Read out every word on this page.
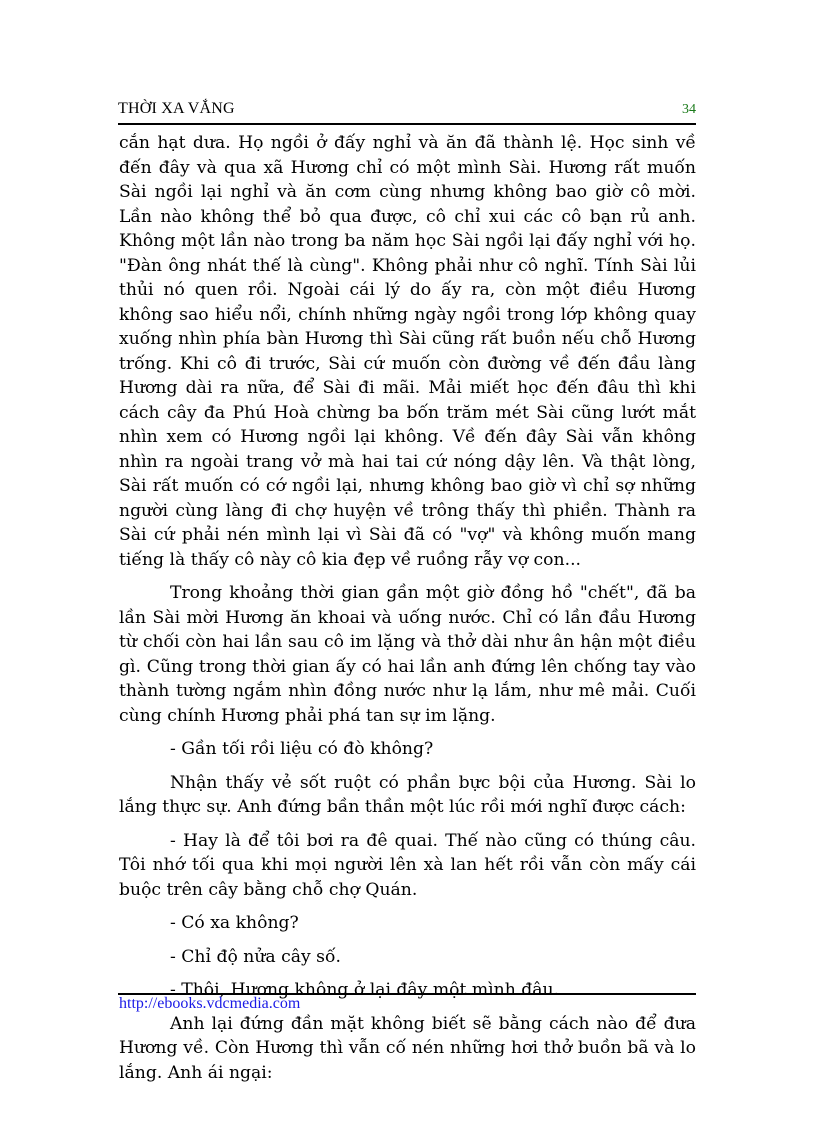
THỜI XA VẮNG	34

cắn hạt dưa. Họ ngồi ở đấy nghỉ và ăn đã thành lệ. Học sinh về đến đây và qua xã Hương chỉ có một mình Sài. Hương rất muốn Sài ngồi lại nghỉ và ăn cơm cùng nhưng không bao giờ cô mời. Lần nào không thể bỏ qua được, cô chỉ xui các cô bạn rủ anh. Không một lần nào trong ba năm học Sài ngồi lại đấy nghỉ với họ. "Đàn ông nhát thế là cùng". Không phải như cô nghĩ. Tính Sài lủi thủi nó quen rồi. Ngoài cái lý do ấy ra, còn một điều Hương không sao hiểu nổi, chính những ngày ngồi trong lớp không quay xuống nhìn phía bàn Hương thì Sài cũng rất buồn nếu chỗ Hương trống. Khi cô đi trước, Sài cứ muốn còn đường về đến đầu làng Hương dài ra nữa, để Sài đi mãi. Mải miết học đến đâu thì khi cách cây đa Phú Hoà chừng ba bốn trăm mét Sài cũng lướt mắt nhìn xem có Hương ngồi lại không. Về đến đây Sài vẫn không nhìn ra ngoài trang vở mà hai tai cứ nóng dậy lên. Và thật lòng, Sài rất muốn có cớ ngồi lại, nhưng không bao giờ vì chỉ sợ những người cùng làng đi chợ huyện về trông thấy thì phiền. Thành ra Sài cứ phải nén mình lại vì Sài đã có "vợ" và không muốn mang tiếng là thấy cô này cô kia đẹp về ruồng rẫy vợ con...

Trong khoảng thời gian gần một giờ đồng hồ "chết", đã ba lần Sài mời Hương ăn khoai và uống nước. Chỉ có lần đầu Hương từ chối còn hai lần sau cô im lặng và thở dài như ân hận một điều gì. Cũng trong thời gian ấy có hai lần anh đứng lên chống tay vào thành tường ngắm nhìn đồng nước như lạ lắm, như mê mải. Cuối cùng chính Hương phải phá tan sự im lặng.

- Gần tối rồi liệu có đò không?

Nhận thấy vẻ sốt ruột có phần bực bội của Hương. Sài lo lắng thực sự. Anh đứng bần thần một lúc rồi mới nghĩ được cách:

- Hay là để tôi bơi ra đê quai. Thế nào cũng có thúng câu. Tôi nhớ tối qua khi mọi người lên xà lan hết rồi vẫn còn mấy cái buộc trên cây bằng chỗ chợ Quán.

- Có xa không?

- Chỉ độ nửa cây số.

- Thôi, Hương không ở lại đây một mình đâu.

Anh lại đứng đần mặt không biết sẽ bằng cách nào để đưa Hương về. Còn Hương thì vẫn cố nén những hơi thở buồn bã và lo lắng. Anh ái ngại:

http://ebooks.vdcmedia.com
